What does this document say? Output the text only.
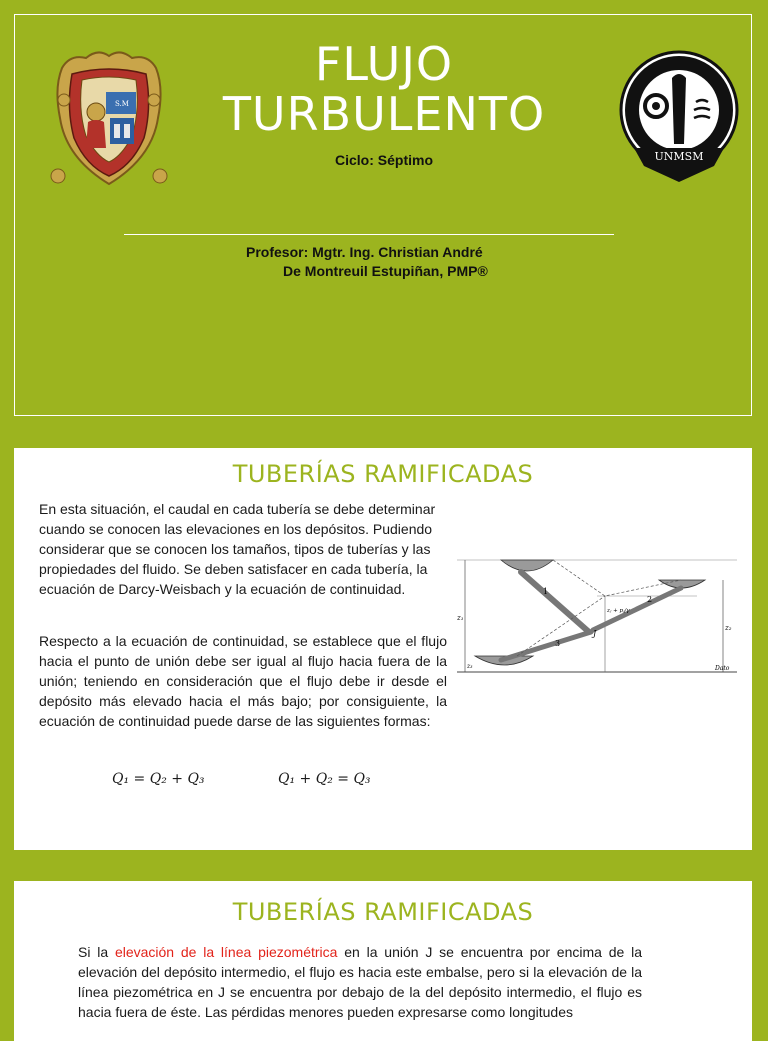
S.M
FLUJO
TURBULENTO
UNMSM
Ciclo: Séptimo
Profesor: Mgtr. Ing. Christian André
De Montreuil Estupiñan, PMP®
TUBERÍAS RAMIFICADAS
En esta situación, el caudal en cada tubería se debe determinar cuando se conocen las elevaciones en los depósitos. Pudiendo considerar que se conocen los tamaños, tipos de tuberías y las propiedades del fluido. Se deben satisfacer en cada tubería, la ecuación de Darcy-Weisbach y la ecuación de continuidad.
Respecto a la ecuación de continuidad, se establece que el flujo hacia el punto de unión debe ser igual al flujo hacia fuera de la unión; teniendo en consideración que el flujo debe ir desde el depósito más elevado hacia el más bajo; por consiguiente, la ecuación de continuidad puede darse de las siguientes formas:
1
2
3
J
z₁
z₂
z₃
zⱼ + pⱼ/γ
Dato
Q₁ = Q₂ + Q₃	Q₁ + Q₂ = Q₃
TUBERÍAS RAMIFICADAS
Si la elevación de la línea piezométrica en la unión J se encuentra por encima de la elevación del depósito intermedio, el flujo es hacia este embalse, pero si la elevación de la línea piezométrica en J se encuentra por debajo de la del depósito intermedio, el flujo es hacia fuera de éste. Las pérdidas menores pueden expresarse como longitudes
